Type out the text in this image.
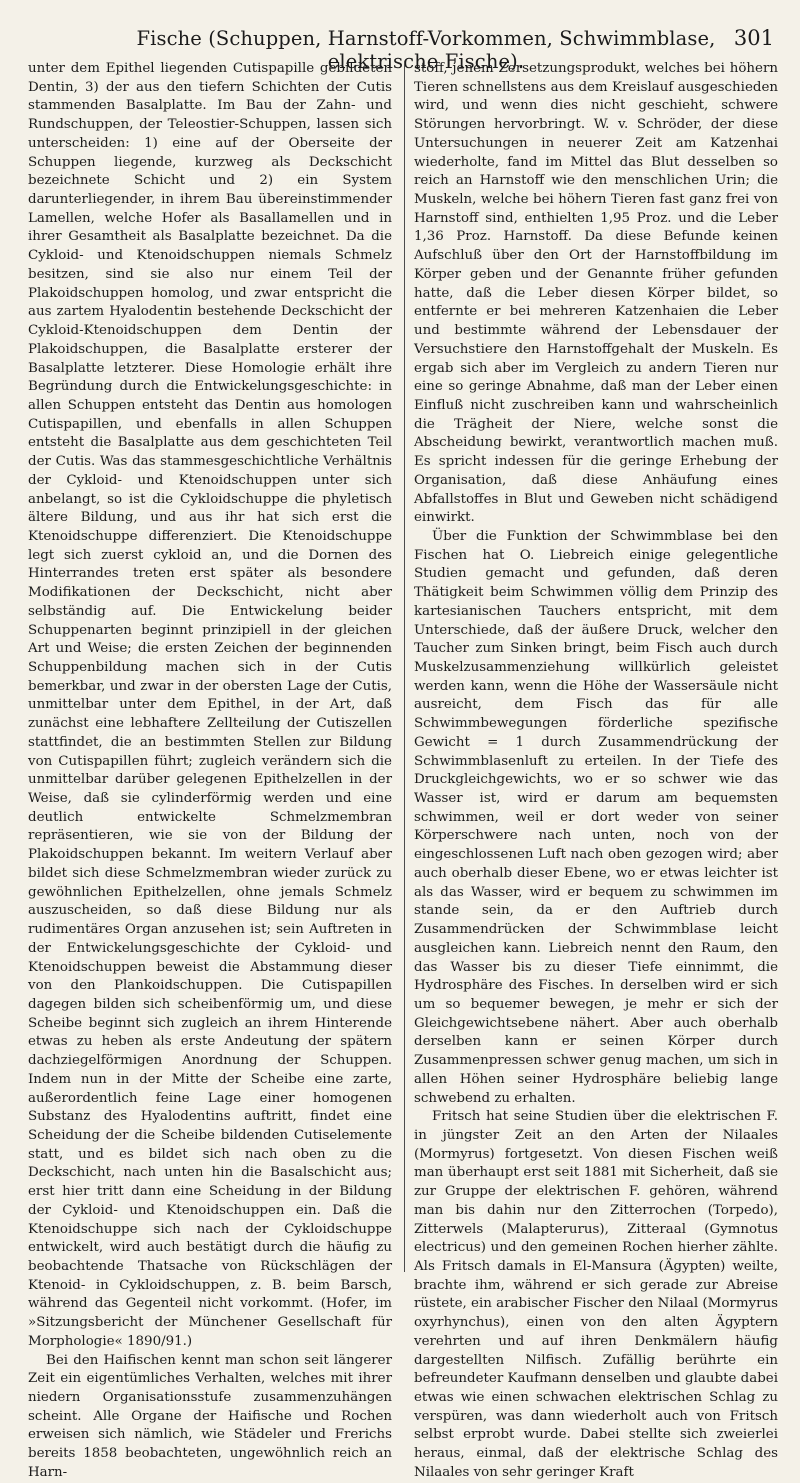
Fische (Schuppen, Harnstoff-Vorkommen, Schwimmblase, elektrische Fische).
301

unter dem Epithel liegenden Cutispapille gebildeten Dentin, 3) der aus den tiefern Schichten der Cutis stammenden Basalplatte. Im Bau der Zahn- und Rundschuppen, der Teleostier-Schuppen, lassen sich unterscheiden: 1) eine auf der Oberseite der Schuppen liegende, kurzweg als Deckschicht bezeichnete Schicht und 2) ein System darunterliegender, in ihrem Bau übereinstimmender Lamellen, welche Hofer als Basallamellen und in ihrer Gesamtheit als Basalplatte bezeichnet. Da die Cykloid- und Ktenoidschuppen niemals Schmelz besitzen, sind sie also nur einem Teil der Plakoidschuppen homolog, und zwar entspricht die aus zartem Hyalodentin bestehende Deckschicht der Cykloid-Ktenoidschuppen dem Dentin der Plakoidschuppen, die Basalplatte ersterer der Basalplatte letzterer. Diese Homologie erhält ihre Begründung durch die Entwickelungsgeschichte: in allen Schuppen entsteht das Dentin aus homologen Cutispapillen, und ebenfalls in allen Schuppen entsteht die Basalplatte aus dem geschichteten Teil der Cutis. Was das stammesgeschichtliche Verhältnis der Cykloid- und Ktenoidschuppen unter sich anbelangt, so ist die Cykloidschuppe die phyletisch ältere Bildung, und aus ihr hat sich erst die Ktenoidschuppe differenziert. Die Ktenoidschuppe legt sich zuerst cykloid an, und die Dornen des Hinterrandes treten erst später als besondere Modifikationen der Deckschicht, nicht aber selbständig auf. Die Entwickelung beider Schuppenarten beginnt prinzipiell in der gleichen Art und Weise; die ersten Zeichen der beginnenden Schuppenbildung machen sich in der Cutis bemerkbar, und zwar in der obersten Lage der Cutis, unmittelbar unter dem Epithel, in der Art, daß zunächst eine lebhaftere Zellteilung der Cutiszellen stattfindet, die an bestimmten Stellen zur Bildung von Cutispapillen führt; zugleich verändern sich die unmittelbar darüber gelegenen Epithelzellen in der Weise, daß sie cylinderförmig werden und eine deutlich entwickelte Schmelzmembran repräsentieren, wie sie von der Bildung der Plakoidschuppen bekannt. Im weitern Verlauf aber bildet sich diese Schmelzmembran wieder zurück zu gewöhnlichen Epithelzellen, ohne jemals Schmelz auszuscheiden, so daß diese Bildung nur als rudimentäres Organ anzusehen ist; sein Auftreten in der Entwickelungsgeschichte der Cykloid- und Ktenoidschuppen beweist die Abstammung dieser von den Plankoidschuppen. Die Cutispapillen dagegen bilden sich scheibenförmig um, und diese Scheibe beginnt sich zugleich an ihrem Hinterende etwas zu heben als erste Andeutung der spätern dachziegelförmigen Anordnung der Schuppen. Indem nun in der Mitte der Scheibe eine zarte, außerordentlich feine Lage einer homogenen Substanz des Hyalodentins auftritt, findet eine Scheidung der die Scheibe bildenden Cutiselemente statt, und es bildet sich nach oben zu die Deckschicht, nach unten hin die Basalschicht aus; erst hier tritt dann eine Scheidung in der Bildung der Cykloid- und Ktenoidschuppen ein. Daß die Ktenoidschuppe sich nach der Cykloidschuppe entwickelt, wird auch bestätigt durch die häufig zu beobachtende Thatsache von Rückschlägen der Ktenoid- in Cykloidschuppen, z. B. beim Barsch, während das Gegenteil nicht vorkommt. (Hofer, im »Sitzungsbericht der Münchener Gesellschaft für Morphologie« 1890/91.)

Bei den Haifischen kennt man schon seit längerer Zeit ein eigentümliches Verhalten, welches mit ihrer niedern Organisationsstufe zusammenzuhängen scheint. Alle Organe der Haifische und Rochen erweisen sich nämlich, wie Städeler und Frerichs bereits 1858 beobachteten, ungewöhnlich reich an Harn-

stoff, jenem Zersetzungsprodukt, welches bei höhern Tieren schnellstens aus dem Kreislauf ausgeschieden wird, und wenn dies nicht geschieht, schwere Störungen hervorbringt. W. v. Schröder, der diese Untersuchungen in neuerer Zeit am Katzenhai wiederholte, fand im Mittel das Blut desselben so reich an Harnstoff wie den menschlichen Urin; die Muskeln, welche bei höhern Tieren fast ganz frei von Harnstoff sind, enthielten 1,95 Proz. und die Leber 1,36 Proz. Harnstoff. Da diese Befunde keinen Aufschluß über den Ort der Harnstoffbildung im Körper geben und der Genannte früher gefunden hatte, daß die Leber diesen Körper bildet, so entfernte er bei mehreren Katzenhaien die Leber und bestimmte während der Lebensdauer der Versuchstiere den Harnstoffgehalt der Muskeln. Es ergab sich aber im Vergleich zu andern Tieren nur eine so geringe Abnahme, daß man der Leber einen Einfluß nicht zuschreiben kann und wahrscheinlich die Trägheit der Niere, welche sonst die Abscheidung bewirkt, verantwortlich machen muß. Es spricht indessen für die geringe Erhebung der Organisation, daß diese Anhäufung eines Abfallstoffes in Blut und Geweben nicht schädigend einwirkt.

Über die Funktion der Schwimmblase bei den Fischen hat O. Liebreich einige gelegentliche Studien gemacht und gefunden, daß deren Thätigkeit beim Schwimmen völlig dem Prinzip des kartesianischen Tauchers entspricht, mit dem Unterschiede, daß der äußere Druck, welcher den Taucher zum Sinken bringt, beim Fisch auch durch Muskelzusammenziehung willkürlich geleistet werden kann, wenn die Höhe der Wassersäule nicht ausreicht, dem Fisch das für alle Schwimmbewegungen förderliche spezifische Gewicht = 1 durch Zusammendrückung der Schwimmblasenluft zu erteilen. In der Tiefe des Druckgleichgewichts, wo er so schwer wie das Wasser ist, wird er darum am bequemsten schwimmen, weil er dort weder von seiner Körperschwere nach unten, noch von der eingeschlossenen Luft nach oben gezogen wird; aber auch oberhalb dieser Ebene, wo er etwas leichter ist als das Wasser, wird er bequem zu schwimmen im stande sein, da er den Auftrieb durch Zusammendrücken der Schwimmblase leicht ausgleichen kann. Liebreich nennt den Raum, den das Wasser bis zu dieser Tiefe einnimmt, die Hydrosphäre des Fisches. In derselben wird er sich um so bequemer bewegen, je mehr er sich der Gleichgewichtsebene nähert. Aber auch oberhalb derselben kann er seinen Körper durch Zusammenpressen schwer genug machen, um sich in allen Höhen seiner Hydrosphäre beliebig lange schwebend zu erhalten.

Fritsch hat seine Studien über die elektrischen F. in jüngster Zeit an den Arten der Nilaales (Mormyrus) fortgesetzt. Von diesen Fischen weiß man überhaupt erst seit 1881 mit Sicherheit, daß sie zur Gruppe der elektrischen F. gehören, während man bis dahin nur den Zitterrochen (Torpedo), Zitterwels (Malapterurus), Zitteraal (Gymnotus electricus) und den gemeinen Rochen hierher zählte. Als Fritsch damals in El-Mansura (Ägypten) weilte, brachte ihm, während er sich gerade zur Abreise rüstete, ein arabischer Fischer den Nilaal (Mormyrus oxyrhynchus), einen von den alten Ägyptern verehrten und auf ihren Denkmälern häufig dargestellten Nilfisch. Zufällig berührte ein befreundeter Kaufmann denselben und glaubte dabei etwas wie einen schwachen elektrischen Schlag zu verspüren, was dann wiederholt auch von Fritsch selbst erprobt wurde. Dabei stellte sich zweierlei heraus, einmal, daß der elektrische Schlag des Nilaales von sehr geringer Kraft
